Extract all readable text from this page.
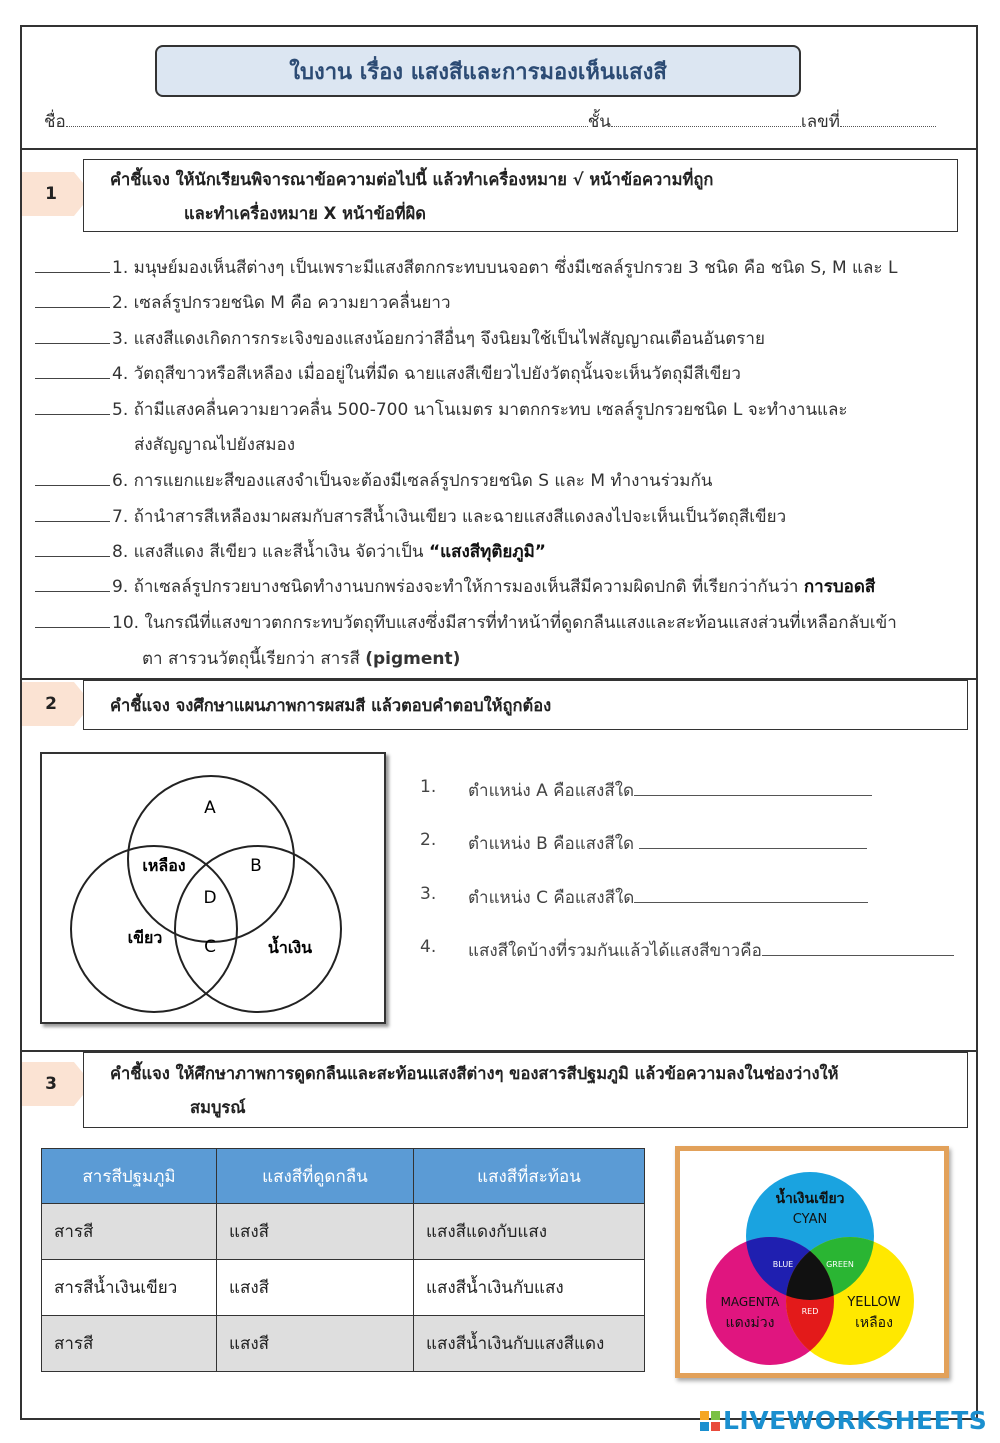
ใบงาน เรื่อง แสงสีและการมองเห็นแสงสี
ชื่อ	ชั้น	เลขที่
1
คำชี้แจง ให้นักเรียนพิจารณาข้อความต่อไปนี้ แล้วทำเครื่องหมาย √ หน้าข้อความที่ถูก
และทำเครื่องหมาย X หน้าข้อที่ผิด
1. มนุษย์มองเห็นสีต่างๆ เป็นเพราะมีแสงสีตกกระทบบนจอตา ซึ่งมีเซลล์รูปกรวย 3 ชนิด คือ ชนิด S, M และ L
2. เซลล์รูปกรวยชนิด M คือ ความยาวคลื่นยาว
3. แสงสีแดงเกิดการกระเจิงของแสงน้อยกว่าสีอื่นๆ จึงนิยมใช้เป็นไฟสัญญาณเตือนอันตราย
4. วัตถุสีขาวหรือสีเหลือง เมื่ออยู่ในที่มืด ฉายแสงสีเขียวไปยังวัตถุนั้นจะเห็นวัตถุมีสีเขียว
5. ถ้ามีแสงคลื่นความยาวคลื่น 500-700 นาโนเมตร มาตกกระทบ เซลล์รูปกรวยชนิด L จะทำงานและ
ส่งสัญญาณไปยังสมอง
6. การแยกแยะสีของแสงจำเป็นจะต้องมีเซลล์รูปกรวยชนิด S และ M ทำงานร่วมกัน
7. ถ้านำสารสีเหลืองมาผสมกับสารสีน้ำเงินเขียว และฉายแสงสีแดงลงไปจะเห็นเป็นวัตถุสีเขียว
8. แสงสีแดง สีเขียว และสีน้ำเงิน จัดว่าเป็น “แสงสีทุติยภูมิ”
9. ถ้าเซลล์รูปกรวยบางชนิดทำงานบกพร่องจะทำให้การมองเห็นสีมีความผิดปกติ ที่เรียกว่ากันว่า การบอดสี
10. ในกรณีที่แสงขาวตกกระทบวัตถุทึบแสงซึ่งมีสารที่ทำหน้าที่ดูดกลืนแสงและสะท้อนแสงส่วนที่เหลือกลับเข้า
ตา สารวนวัตถุนี้เรียกว่า สารสี (pigment)
2	คำชี้แจง จงศึกษาแผนภาพการผสมสี แล้วตอบคำตอบให้ถูกต้อง
A
B
D
C
เหลือง
เขียว
น้ำเงิน
1. ตำแหน่ง A คือแสงสีใด
2. ตำแหน่ง B คือแสงสีใด
3. ตำแหน่ง C คือแสงสีใด
4. แสงสีใดบ้างที่รวมกันแล้วได้แสงสีขาวคือ
3
คำชี้แจง ให้ศึกษาภาพการดูดกลืนและสะท้อนแสงสีต่างๆ ของสารสีปฐมภูมิ แล้วข้อความลงในช่องว่างให้
สมบูรณ์
สารสีปฐมภูมิ	แสงสีที่ดูดกลืน	แสงสีที่สะท้อน
สารสี	แสงสี	แสงสีแดงกับแสง
สารสีน้ำเงินเขียว	แสงสี	แสงสีน้ำเงินกับแสง
สารสี	แสงสี	แสงสีน้ำเงินกับแสงสีแดง
น้ำเงินเขียว
CYAN
MAGENTA
แดงม่วง
YELLOW
เหลือง
BLUE	GREEN
RED
LIVEWORKSHEETS
